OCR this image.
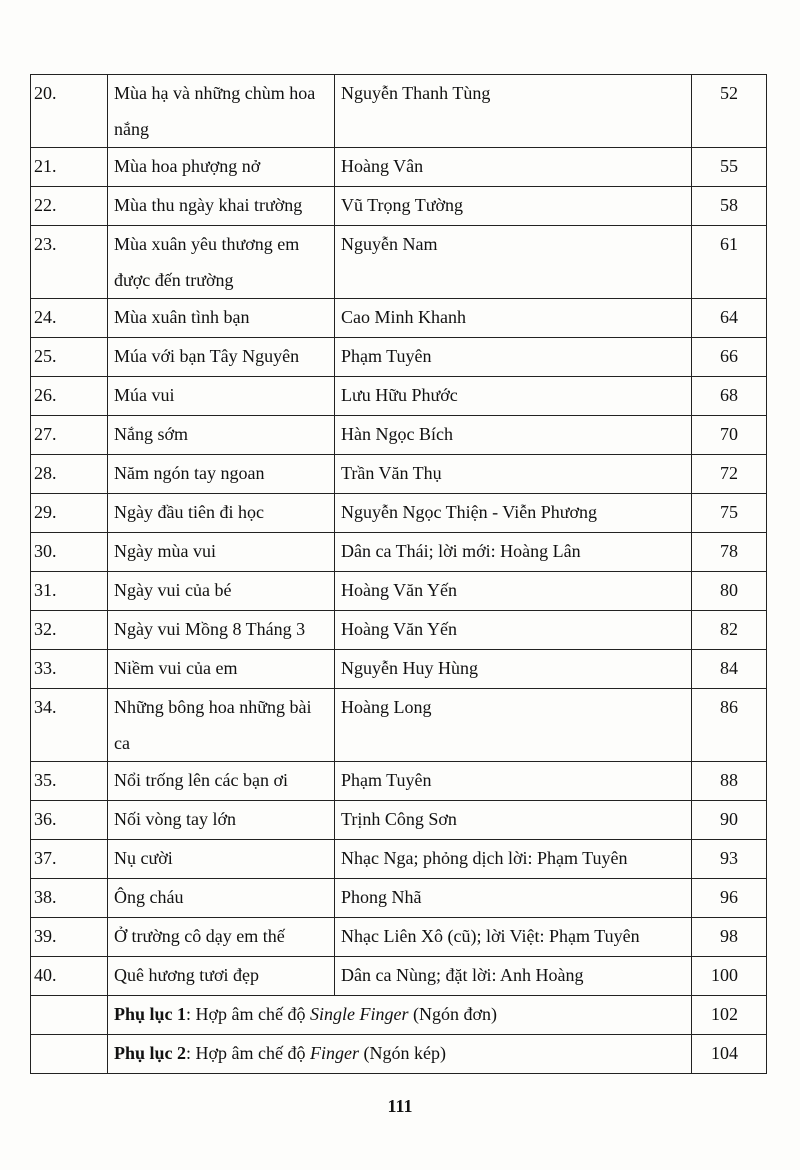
20.	Mùa hạ và những chùm hoa nắng	Nguyễn Thanh Tùng	52
21.	Mùa hoa phượng nở	Hoàng Vân	55
22.	Mùa thu ngày khai trường	Vũ Trọng Tường	58
23.	Mùa xuân yêu thương em được đến trường	Nguyễn Nam	61
24.	Mùa xuân tình bạn	Cao Minh Khanh	64
25.	Múa với bạn Tây Nguyên	Phạm Tuyên	66
26.	Múa vui	Lưu Hữu Phước	68
27.	Nắng sớm	Hàn Ngọc Bích	70
28.	Năm ngón tay ngoan	Trần Văn Thụ	72
29.	Ngày đầu tiên đi học	Nguyễn Ngọc Thiện - Viễn Phương	75
30.	Ngày mùa vui	Dân ca Thái; lời mới: Hoàng Lân	78
31.	Ngày vui của bé	Hoàng Văn Yến	80
32.	Ngày vui Mồng 8 Tháng 3	Hoàng Văn Yến	82
33.	Niềm vui của em	Nguyễn Huy Hùng	84
34.	Những bông hoa những bài ca	Hoàng Long	86
35.	Nổi trống lên các bạn ơi	Phạm Tuyên	88
36.	Nối vòng tay lớn	Trịnh Công Sơn	90
37.	Nụ cười	Nhạc Nga; phỏng dịch lời: Phạm Tuyên	93
38.	Ông cháu	Phong Nhã	96
39.	Ở trường cô dạy em thế	Nhạc Liên Xô (cũ); lời Việt: Phạm Tuyên	98
40.	Quê hương tươi đẹp	Dân ca Nùng; đặt lời: Anh Hoàng	100
	Phụ lục 1: Hợp âm chế độ Single Finger (Ngón đơn)		102
	Phụ lục 2: Hợp âm chế độ Finger (Ngón kép)		104
111
